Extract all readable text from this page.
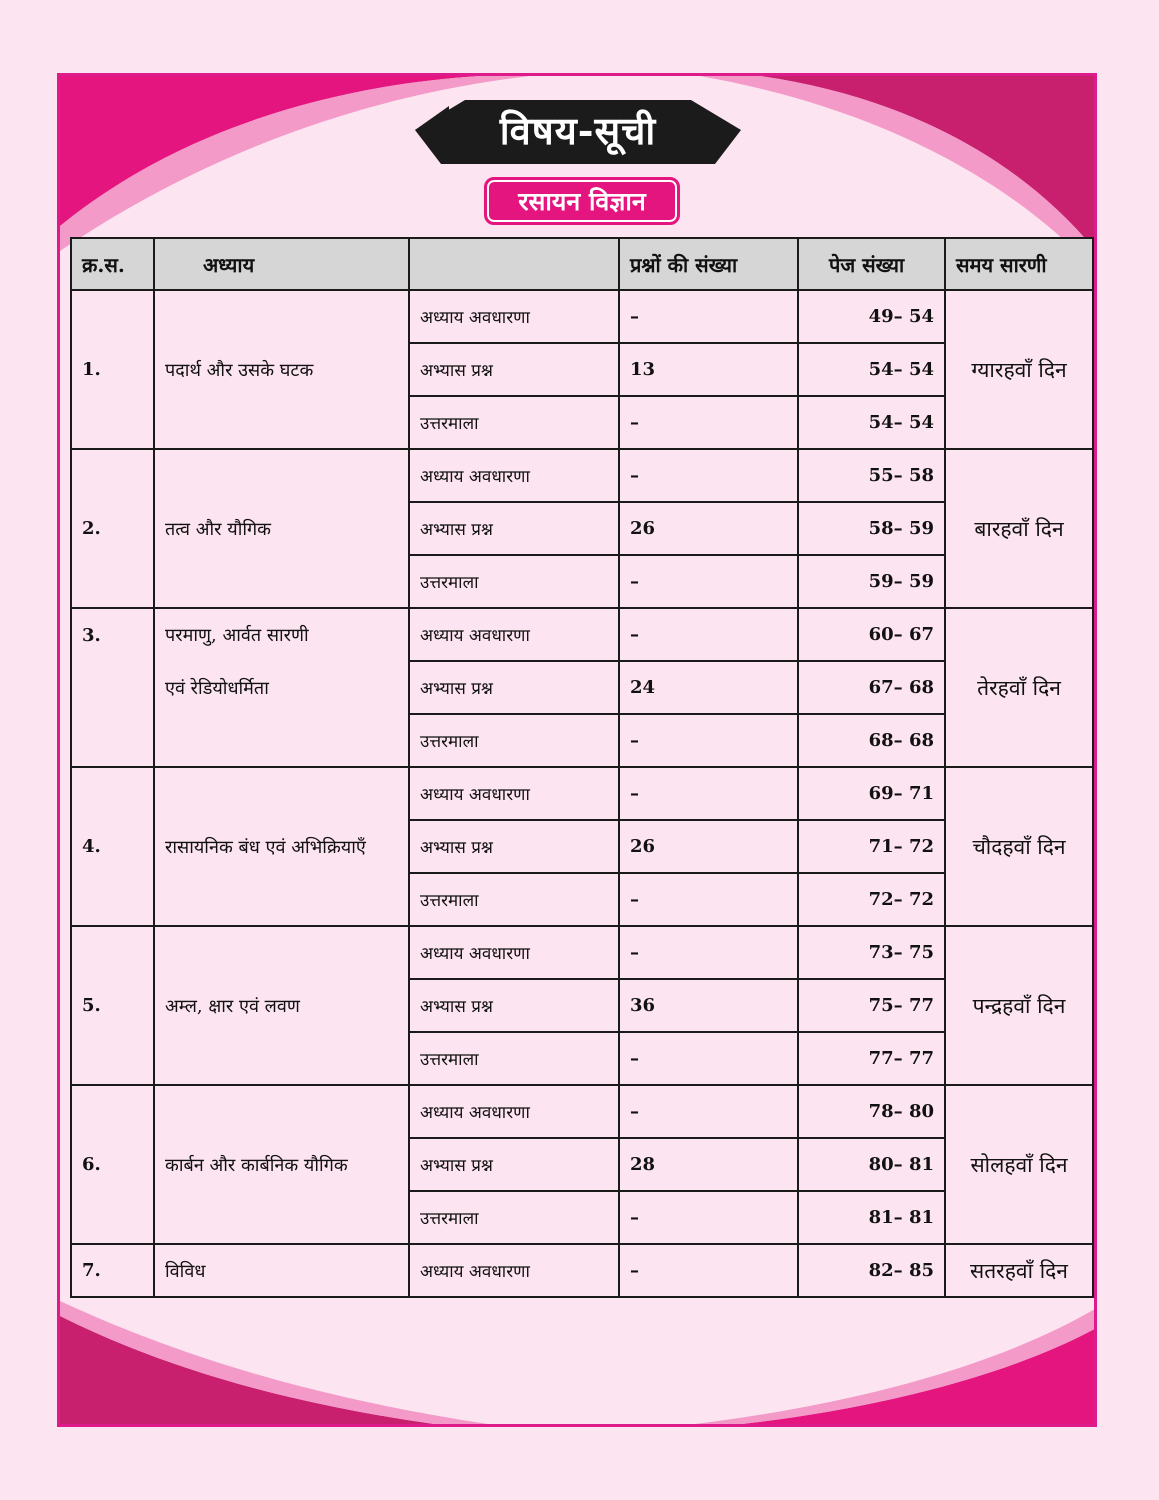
विषय-सूची
रसायन विज्ञान
क्र.स.	अध्याय		प्रश्नों की संख्या	पेज संख्या	समय सारणी
1.	पदार्थ और उसके घटक	अध्याय अवधारणा	–	49– 54	ग्यारहवाँ दिन
		अभ्यास प्रश्न	13	54– 54	
		उत्तरमाला	–	54– 54	
2.	तत्व और यौगिक	अध्याय अवधारणा	–	55– 58	बारहवाँ दिन
		अभ्यास प्रश्न	26	58– 59	
		उत्तरमाला	–	59– 59	
3.	परमाणु, आर्वत सारणी
एवं रेडियोधर्मिता	अध्याय अवधारणा	–	60– 67	तेरहवाँ दिन
		अभ्यास प्रश्न	24	67– 68	
		उत्तरमाला	–	68– 68	
4.	रासायनिक बंध एवं अभिक्रियाएँ	अध्याय अवधारणा	–	69– 71	चौदहवाँ दिन
		अभ्यास प्रश्न	26	71– 72	
		उत्तरमाला	–	72– 72	
5.	अम्ल, क्षार एवं लवण	अध्याय अवधारणा	–	73– 75	पन्द्रहवाँ दिन
		अभ्यास प्रश्न	36	75– 77	
		उत्तरमाला	–	77– 77	
6.	कार्बन और कार्बनिक यौगिक	अध्याय अवधारणा	–	78– 80	सोलहवाँ दिन
		अभ्यास प्रश्न	28	80– 81	
		उत्तरमाला	–	81– 81	
7.	विविध	अध्याय अवधारणा	–	82– 85	सतरहवाँ दिन
